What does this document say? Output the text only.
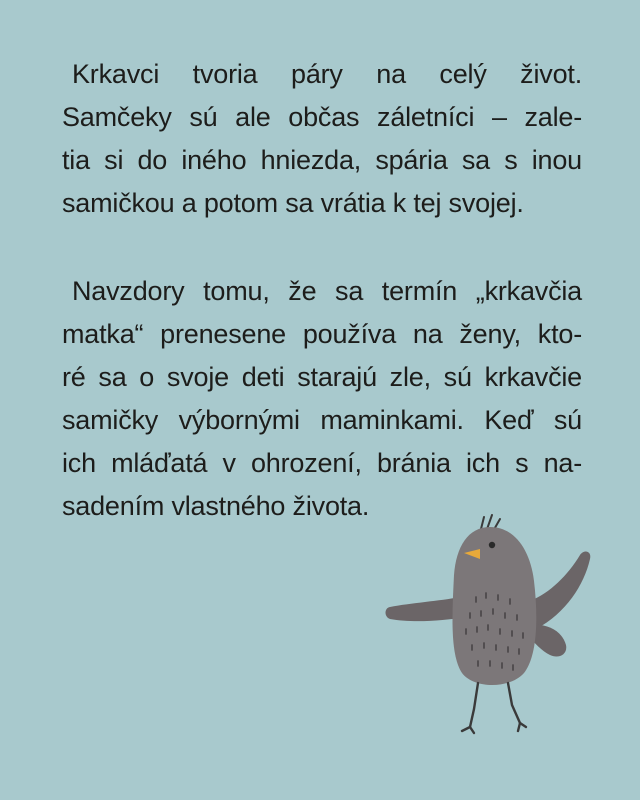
Krkavci tvoria páry na celý život.
Samčeky sú ale občas záletníci – zale-
tia si do iného hniezda, spária sa s inou
samičkou a potom sa vrátia k tej svojej.
Navzdory tomu, že sa termín „krkavčia
matka“ prenesene používa na ženy, kto-
ré sa o svoje deti starajú zle, sú krkavčie
samičky výbornými maminkami. Keď sú
ich mláďatá v ohrození, bránia ich s na-
sadením vlastného života.
